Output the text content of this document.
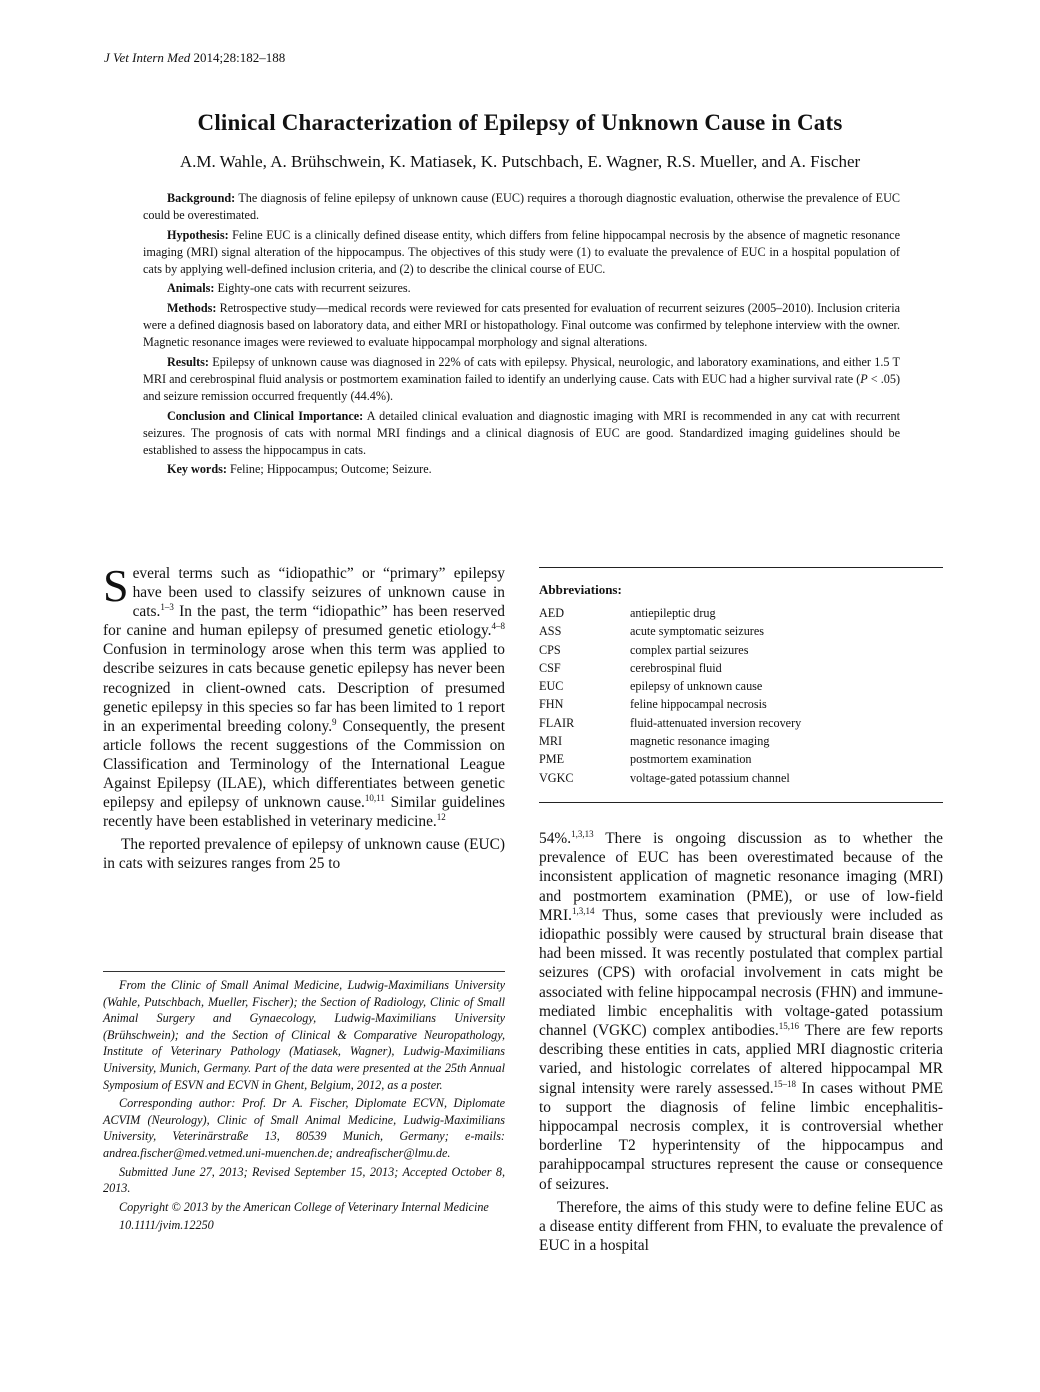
J Vet Intern Med 2014;28:182–188
Clinical Characterization of Epilepsy of Unknown Cause in Cats
A.M. Wahle, A. Brühschwein, K. Matiasek, K. Putschbach, E. Wagner, R.S. Mueller, and A. Fischer

Background: The diagnosis of feline epilepsy of unknown cause (EUC) requires a thorough diagnostic evaluation, otherwise the prevalence of EUC could be overestimated.

Hypothesis: Feline EUC is a clinically defined disease entity, which differs from feline hippocampal necrosis by the absence of magnetic resonance imaging (MRI) signal alteration of the hippocampus. The objectives of this study were (1) to evaluate the prevalence of EUC in a hospital population of cats by applying well-defined inclusion criteria, and (2) to describe the clinical course of EUC.

Animals: Eighty-one cats with recurrent seizures.

Methods: Retrospective study—medical records were reviewed for cats presented for evaluation of recurrent seizures (2005–2010). Inclusion criteria were a defined diagnosis based on laboratory data, and either MRI or histopathology. Final outcome was confirmed by telephone interview with the owner. Magnetic resonance images were reviewed to evaluate hippocampal morphology and signal alterations.

Results: Epilepsy of unknown cause was diagnosed in 22% of cats with epilepsy. Physical, neurologic, and laboratory examinations, and either 1.5 T MRI and cerebrospinal fluid analysis or postmortem examination failed to identify an underlying cause. Cats with EUC had a higher survival rate (P < .05) and seizure remission occurred frequently (44.4%).

Conclusion and Clinical Importance: A detailed clinical evaluation and diagnostic imaging with MRI is recommended in any cat with recurrent seizures. The prognosis of cats with normal MRI findings and a clinical diagnosis of EUC are good. Standardized imaging guidelines should be established to assess the hippocampus in cats.

Key words: Feline; Hippocampus; Outcome; Seizure.

Several terms such as “idiopathic” or “primary” epilepsy have been used to classify seizures of unknown cause in cats.$^{1-3}$ In the past, the term “idiopathic” has been reserved for canine and human epilepsy of presumed genetic etiology.$^{4-8}$ Confusion in terminology arose when this term was applied to describe seizures in cats because genetic epilepsy has never been recognized in client-owned cats. Description of presumed genetic epilepsy in this species so far has been limited to 1 report in an experimental breeding colony.$^9$ Consequently, the present article follows the recent suggestions of the Commission on Classification and Terminology of the International League Against Epilepsy (ILAE), which differentiates between genetic epilepsy and epilepsy of unknown cause.$^{10,11}$ Similar guidelines recently have been established in veterinary medicine.$^{12}$

The reported prevalence of epilepsy of unknown cause (EUC) in cats with seizures ranges from 25 to

From the Clinic of Small Animal Medicine, Ludwig-Maximilians University (Wahle, Putschbach, Mueller, Fischer); the Section of Radiology, Clinic of Small Animal Surgery and Gynaecology, Ludwig-Maximilians University (Brühschwein); and the Section of Clinical & Comparative Neuropathology, Institute of Veterinary Pathology (Matiasek, Wagner), Ludwig-Maximilians University, Munich, Germany. Part of the data were presented at the 25th Annual Symposium of ESVN and ECVN in Ghent, Belgium, 2012, as a poster.

Corresponding author: Prof. Dr A. Fischer, Diplomate ECVN, Diplomate ACVIM (Neurology), Clinic of Small Animal Medicine, Ludwig-Maximilians University, Veterinärstraße 13, 80539 Munich, Germany; e-mails: andrea.fischer@med.vetmed.uni-muenchen.de; andreafischer@lmu.de.

Submitted June 27, 2013; Revised September 15, 2013; Accepted October 8, 2013.

Copyright © 2013 by the American College of Veterinary Internal Medicine

10.1111/jvim.12250

Abbreviations:
AED	antiepileptic drug
ASS	acute symptomatic seizures
CPS	complex partial seizures
CSF	cerebrospinal fluid
EUC	epilepsy of unknown cause
FHN	feline hippocampal necrosis
FLAIR	fluid-attenuated inversion recovery
MRI	magnetic resonance imaging
PME	postmortem examination
VGKC	voltage-gated potassium channel

54%.$^{1,3,13}$ There is ongoing discussion as to whether the prevalence of EUC has been overestimated because of the inconsistent application of magnetic resonance imaging (MRI) and postmortem examination (PME), or use of low-field MRI.$^{1,3,14}$ Thus, some cases that previously were included as idiopathic possibly were caused by structural brain disease that had been missed. It was recently postulated that complex partial seizures (CPS) with orofacial involvement in cats might be associated with feline hippocampal necrosis (FHN) and immune-mediated limbic encephalitis with voltage-gated potassium channel (VGKC) complex antibodies.$^{15,16}$ There are few reports describing these entities in cats, applied MRI diagnostic criteria varied, and histologic correlates of altered hippocampal MR signal intensity were rarely assessed.$^{15-18}$ In cases without PME to support the diagnosis of feline limbic encephalitis-hippocampal necrosis complex, it is controversial whether borderline T2 hyperintensity of the hippocampus and parahippocampal structures represent the cause or consequence of seizures.

Therefore, the aims of this study were to define feline EUC as a disease entity different from FHN, to evaluate the prevalence of EUC in a hospital
